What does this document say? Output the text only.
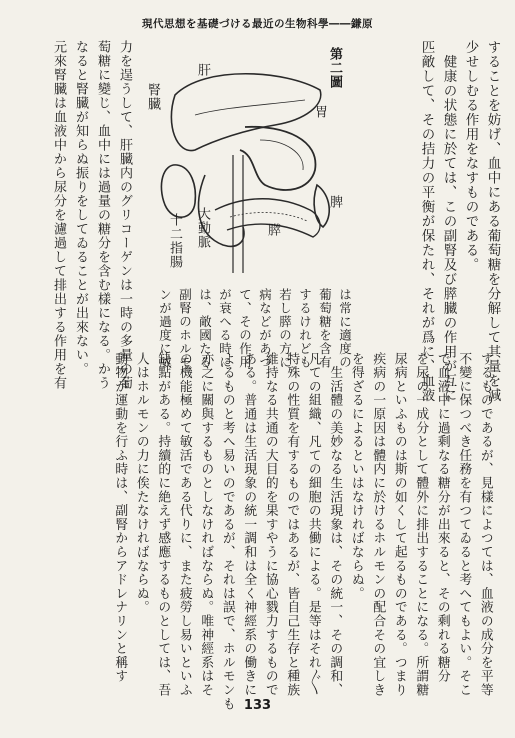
現代思想を基礎づける最近の生物科學――鎌原
することを妨げ、血中にある葡萄糖を分解して其量を減
少せしむる作用をなすものである。
　健康の状態に於ては、この副腎及び膵臓の作用が互に
匹敵して、その拮力の平衡が保たれ、それが爲に、血液
第二圖
肝
腎臓
胃
脾
膵
大動脈
十二指腸
は常に適度の
葡萄糖を含有
するけれども
若し膵の方に
病などがあつ
て、その作用
が衰へる時に
は、敵國たる
副腎のホルモ
ンが過度に威
力を逞うして、肝臓内のグリコーゲンは一時の多量の葡
萄糖に變じ、血中には過量の糖分を含む樣になる。かう
なると腎臓が知らぬ振りをしてゐることが出來ない。
元來腎臓は血液中から尿分を濾過して排出する作用を有
するものであるが、見樣によつては、血液の成分を平等
不變に保つべき任務を有つてゐると考へてもよい。そこ
で血液中に過剩なる糖分が出來ると、その剩れる糖分
を尿の一成分として體外に排出することになる。所謂糖
尿病といふものは斯の如くして起るものである。つまり
疾病の一原因は體内に於けるホルモンの配合その宜しき
を得ざるによるといはなければならぬ。
　生活體の美妙なる生活現象は、その統一、その調和、
凡ての組織、凡ての細胞の共働による。是等はそれ〴〵
特殊の性質を有するものではあるが、皆自己生存と種族
維持なる共通の大目的を果すやうに協心戮力するもので
ある。普通は生活現象の統一調和は全く神經系の働きに
よるものと考へ易いのであるが、それは誤で、ホルモンも
亦之に關與するものとしなければならぬ。唯神經系はそ
の機能極めて敏活である代りに、また疲勞し易いといふ
缺點がある。持續的に絶えず感應するものとしては、吾
人はホルモンの力に俟たなければならぬ。
動物が運動を行ふ時は、副腎からアドレナリンと稱す
133
